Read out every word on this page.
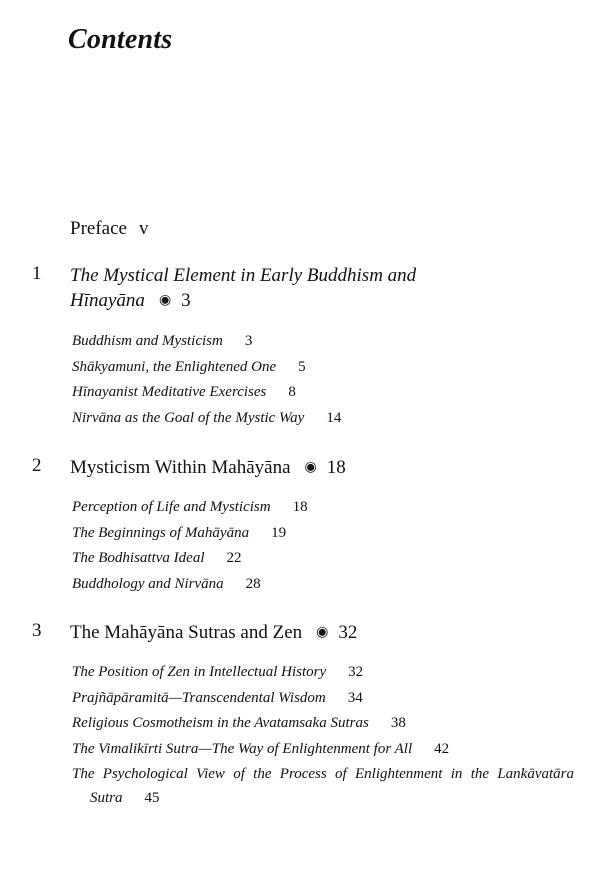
Contents
Preface v
1 The Mystical Element in Early Buddhism and Hīnayāna ◉ 3
Buddhism and Mysticism 3
Shākyamuni, the Enlightened One 5
Hīnayanist Meditative Exercises 8
Nirvāna as the Goal of the Mystic Way 14
2 Mysticism Within Mahāyāna ◉ 18
Perception of Life and Mysticism 18
The Beginnings of Mahāyāna 19
The Bodhisattva Ideal 22
Buddhology and Nirvāna 28
3 The Mahāyāna Sutras and Zen ◉ 32
The Position of Zen in Intellectual History 32
Prajñāpāramitā—Transcendental Wisdom 34
Religious Cosmotheism in the Avatamsaka Sutras 38
The Vimalikīrti Sutra—The Way of Enlightenment for All 42
The Psychological View of the Process of Enlightenment in the Lankāvatāra Sutra 45
